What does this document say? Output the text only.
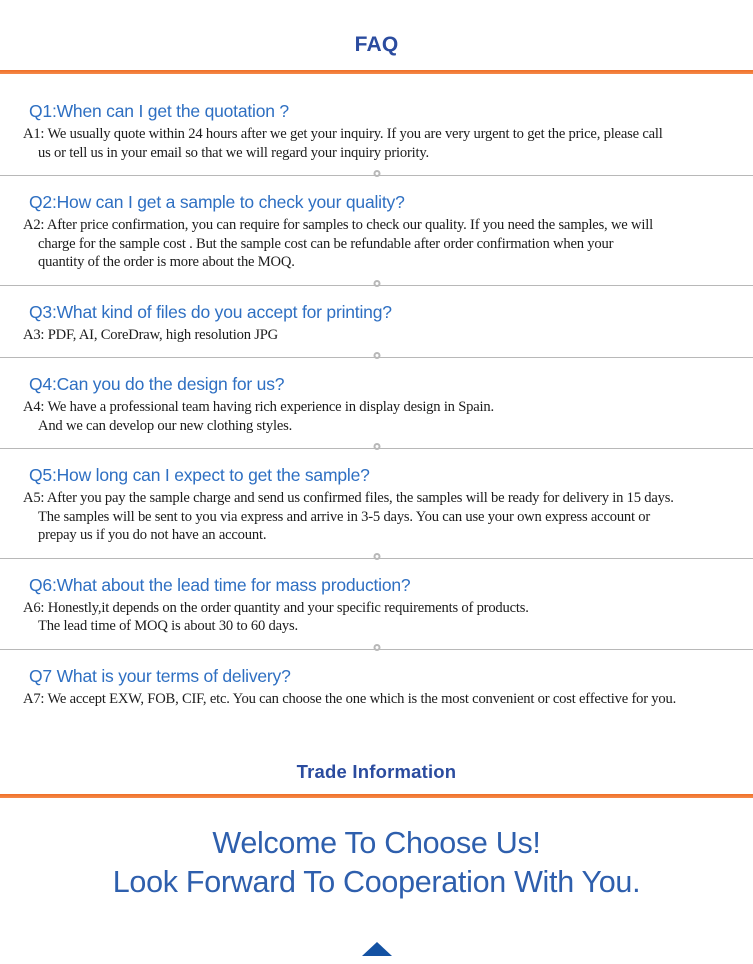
FAQ
Q1:When can I get the quotation ?
A1: We usually quote within 24 hours after we get your inquiry. If you are very urgent to get the price, please call
us or tell us in your email so that we will regard your inquiry priority.
Q2:How can I get a sample to check your quality?
A2: After price confirmation, you can require for samples to check our quality. If you need the samples, we will
charge for the sample cost . But the sample cost can be refundable after order confirmation when your
quantity of the order is more about the MOQ.
Q3:What kind of files do you accept for printing?
A3: PDF, AI, CoreDraw, high resolution JPG
Q4:Can you do the design for us?
A4: We have a professional team having rich experience in display design in Spain.
And we can develop our new clothing styles.
Q5:How long can I expect to get the sample?
A5: After you pay the sample charge and send us confirmed files, the samples will be ready for delivery in 15 days.
The samples will be sent to you via express and arrive in 3-5 days. You can use your own express account or
prepay us if you do not have an account.
Q6:What about the lead time for mass production?
A6: Honestly,it depends on the order quantity and your specific requirements of products.
The lead time of MOQ is about 30 to 60 days.
Q7 What is your terms of delivery?
A7: We accept EXW, FOB, CIF, etc. You can choose the one which is the most convenient or cost effective for you.
Trade Information
Welcome To Choose Us!
Look Forward To Cooperation With You.
